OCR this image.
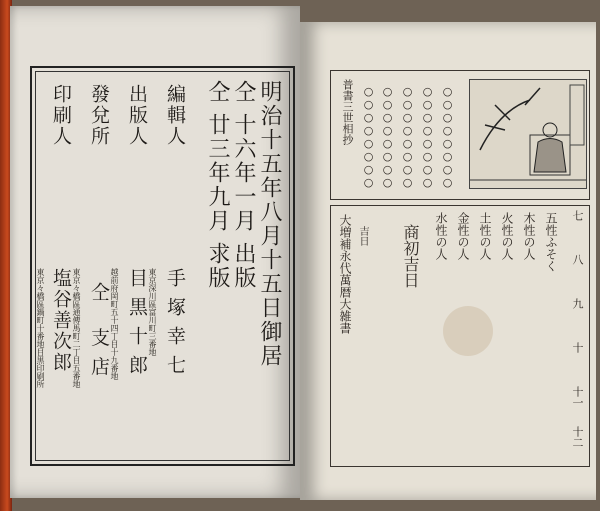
明治十五年八月十五日御居
仝 十六年一月 出版
仝 廿三年九月 求版
編輯人
出版人
發兌所
印刷人
手塚幸七
東京深川區富川町三番地
目黒十郎
越前府岡町五十四丁目十九番地
仝 支店
東京々橋區通傳馬町二丁目五番地
塩谷善次郎
東京々橋區鍋町十番地目黒印刷所
普書三世相抄 ○○○○○○○○ ○○○○○○○○ ○○○○○○○○ ○○○○○○○○ ○○○○○○○○
七
八
九
十
十一
十二
五性ふそく
木性の人
火性の人
土性の人
金性の人
水性の人
商初吉日
大増補永代萬暦大雑書 吉日
